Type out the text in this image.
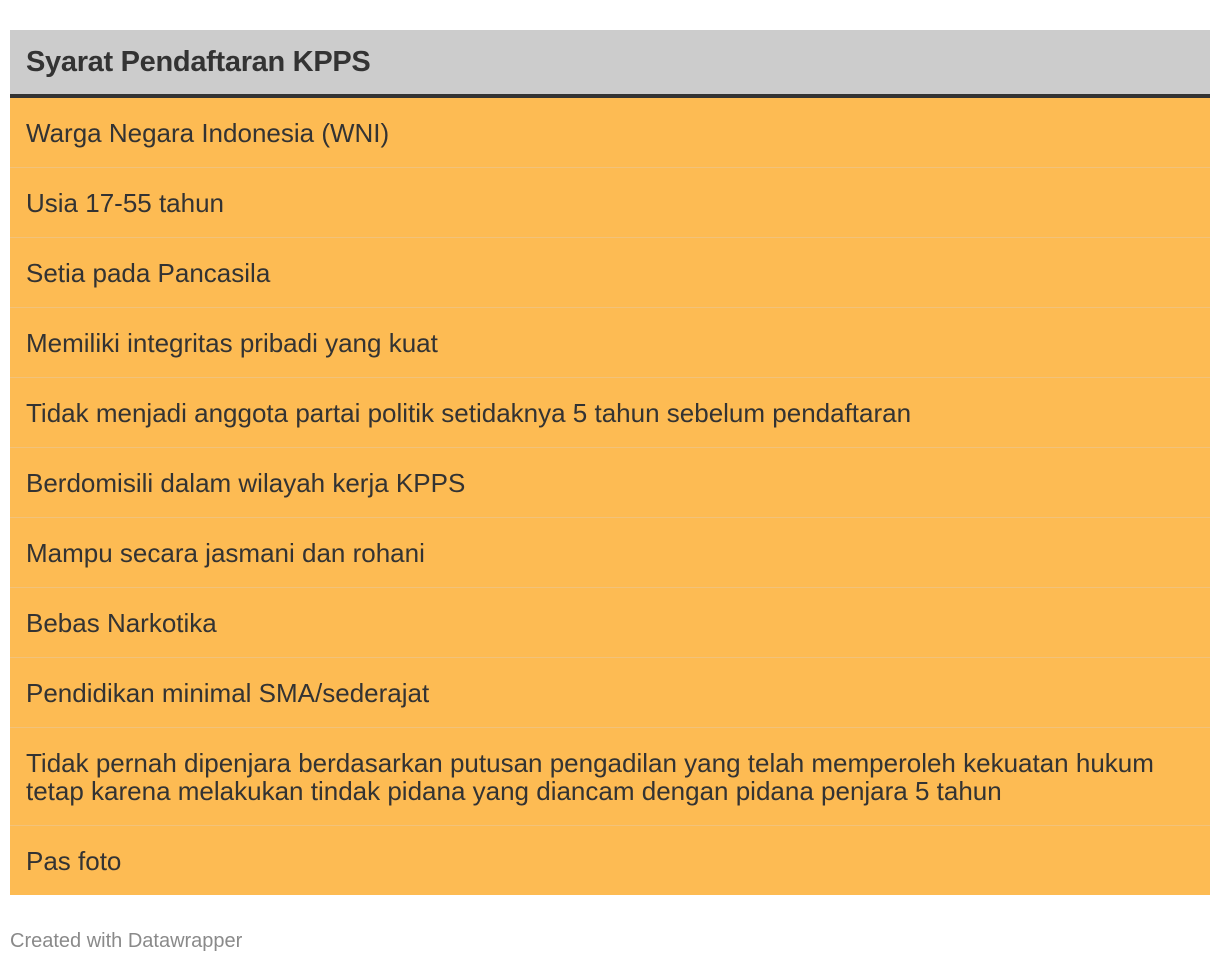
Syarat Pendaftaran KPPS
Warga Negara Indonesia (WNI)
Usia 17-55 tahun
Setia pada Pancasila
Memiliki integritas pribadi yang kuat
Tidak menjadi anggota partai politik setidaknya 5 tahun sebelum pendaftaran
Berdomisili dalam wilayah kerja KPPS
Mampu secara jasmani dan rohani
Bebas Narkotika
Pendidikan minimal SMA/sederajat
Tidak pernah dipenjara berdasarkan putusan pengadilan yang telah memperoleh kekuatan hukum tetap karena melakukan tindak pidana yang diancam dengan pidana penjara 5 tahun
Pas foto
Created with Datawrapper
